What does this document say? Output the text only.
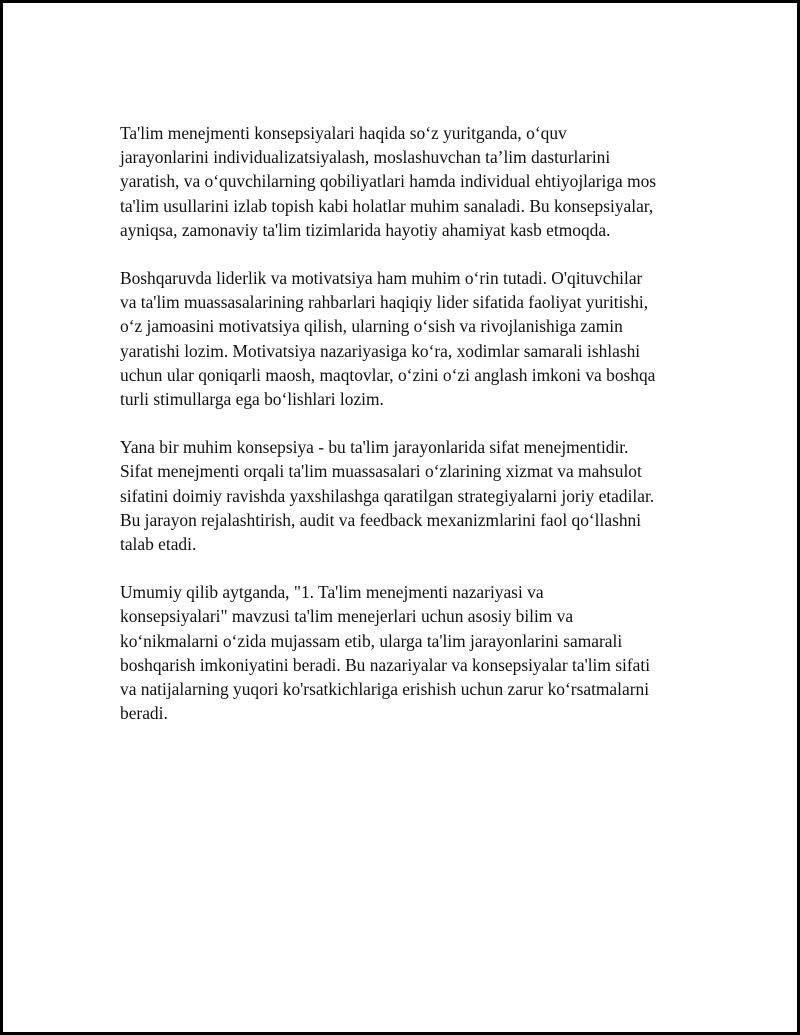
Ta'lim menejmenti konsepsiyalari haqida so‘z yuritganda, o‘quv
jarayonlarini individualizatsiyalash, moslashuvchan ta’lim dasturlarini
yaratish, va o‘quvchilarning qobiliyatlari hamda individual ehtiyojlariga mos
ta'lim usullarini izlab topish kabi holatlar muhim sanaladi. Bu konsepsiyalar,
ayniqsa, zamonaviy ta'lim tizimlarida hayotiy ahamiyat kasb etmoqda.

Boshqaruvda liderlik va motivatsiya ham muhim o‘rin tutadi. O'qituvchilar
va ta'lim muassasalarining rahbarlari haqiqiy lider sifatida faoliyat yuritishi,
o‘z jamoasini motivatsiya qilish, ularning o‘sish va rivojlanishiga zamin
yaratishi lozim. Motivatsiya nazariyasiga ko‘ra, xodimlar samarali ishlashi
uchun ular qoniqarli maosh, maqtovlar, o‘zini o‘zi anglash imkoni va boshqa
turli stimullarga ega bo‘lishlari lozim.

Yana bir muhim konsepsiya - bu ta'lim jarayonlarida sifat menejmentidir.
Sifat menejmenti orqali ta'lim muassasalari o‘zlarining xizmat va mahsulot
sifatini doimiy ravishda yaxshilashga qaratilgan strategiyalarni joriy etadilar.
Bu jarayon rejalashtirish, audit va feedback mexanizmlarini faol qo‘llashni
talab etadi.

Umumiy qilib aytganda, "1. Ta'lim menejmenti nazariyasi va
konsepsiyalari" mavzusi ta'lim menejerlari uchun asosiy bilim va
ko‘nikmalarni o‘zida mujassam etib, ularga ta'lim jarayonlarini samarali
boshqarish imkoniyatini beradi. Bu nazariyalar va konsepsiyalar ta'lim sifati
va natijalarning yuqori ko'rsatkichlariga erishish uchun zarur ko‘rsatmalarni
beradi.
